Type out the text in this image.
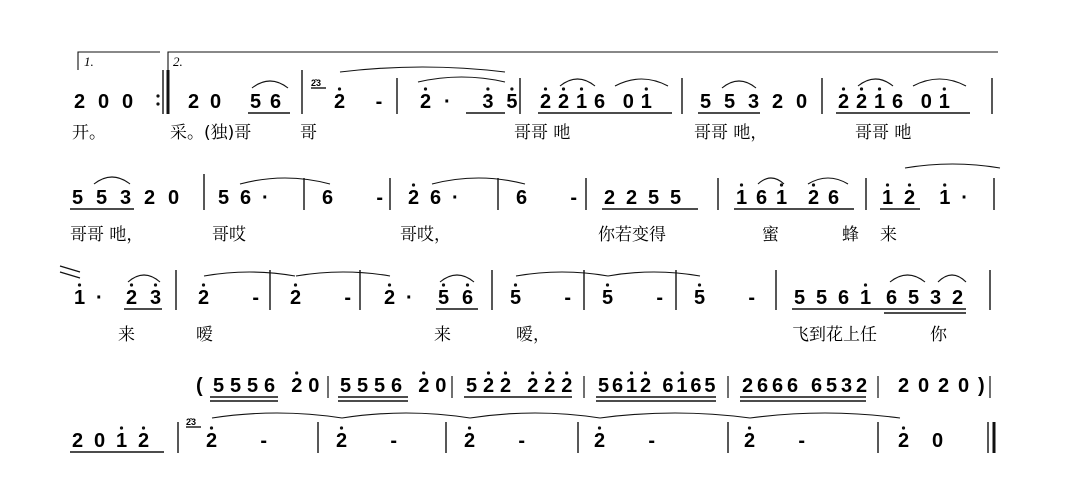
1.	2.
2 0 0	2 0 5 6
2̇3
2 - 2 · 3 5 2 2 1 6 0 1 5 5 3 2 0 2 2 1 6 0 1
开。	采。(独)哥	哥	哥哥 吔	哥哥 吔，	哥哥 吔
5 5 3 2 0 5 6 ·	6 - 2 6 ·	6 - 2 2 5 5	1 6 1 2 6 1 2 1 ·
哥哥 吔，	哥哎	哥哎，	你若变得	蜜	蜂 来
1 · 2 3 2 - 2 - 2 · 5 6 5 - 5 - 5 - 5 5 6 1 6 5 3 2
来	嗳	来	嗳，	飞到花上任	你
( 5 5 5 6 2 0 5 5 5 6 2 0 5 2 2 2 2 2 5 6 1 2 6 1 6 5 2 6 6 6 6 5 3 2 2 0 2 0 )
2 0 1 2
2̇3
2 -	2 -	2 -	2 -	2 -	2 0
